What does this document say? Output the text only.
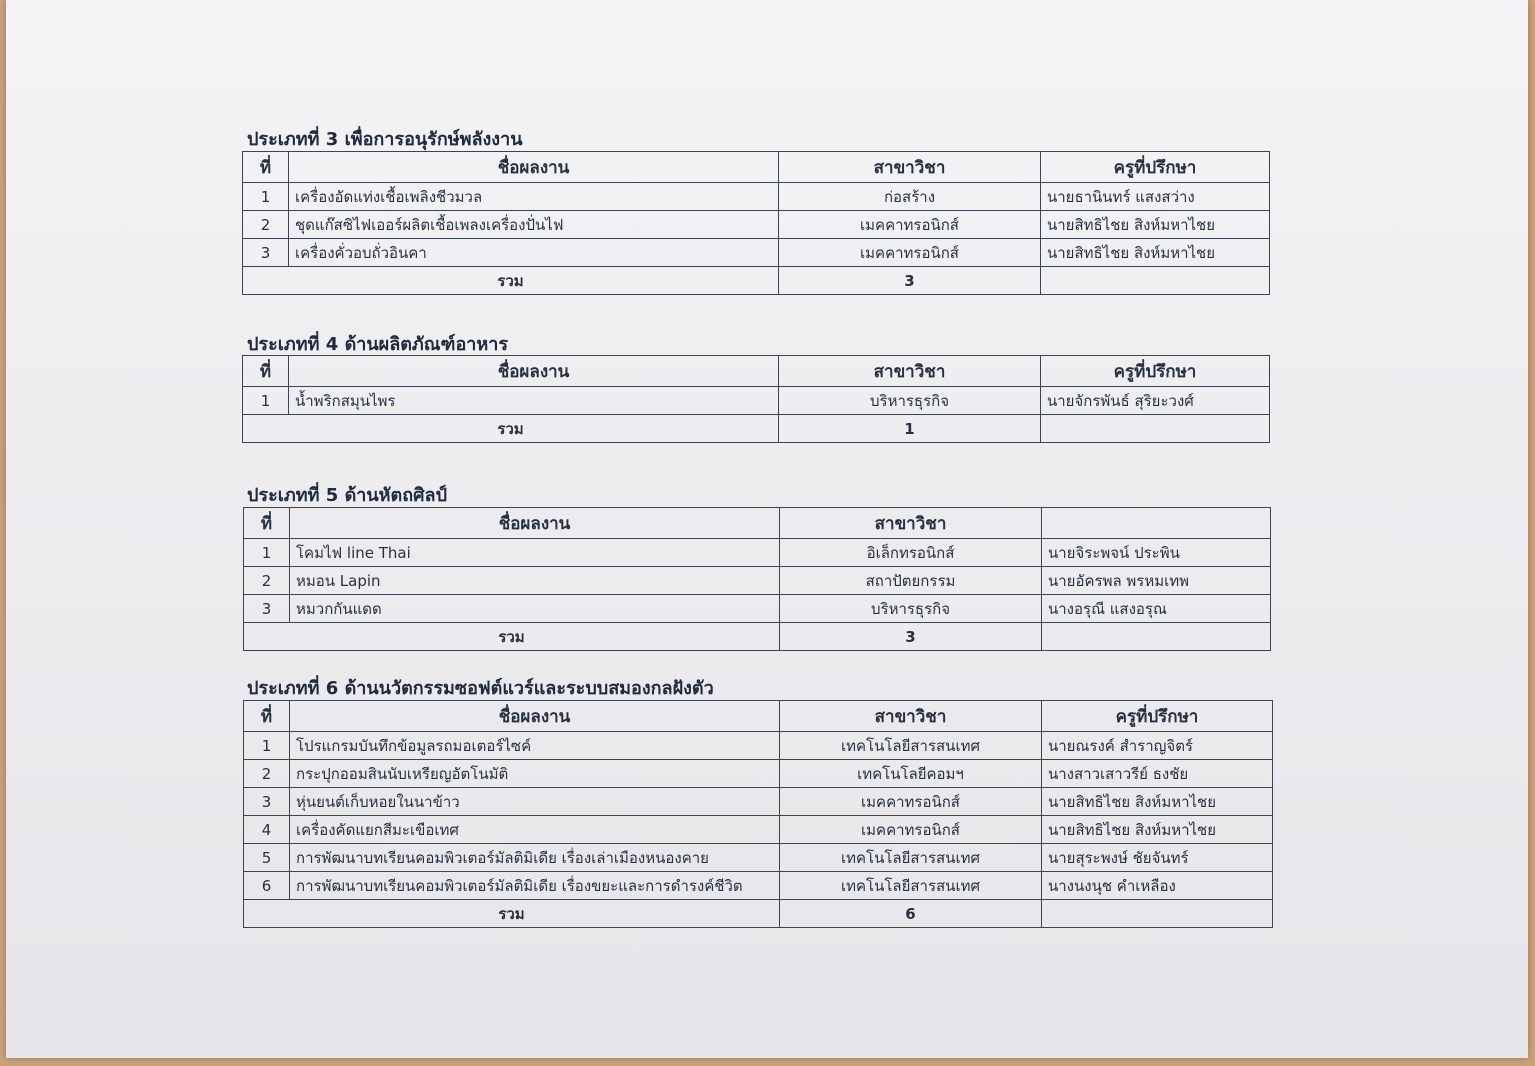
ประเภทที่ 3 เพื่อการอนุรักษ์พลังงาน
ที่	ชื่อผลงาน	สาขาวิชา	ครูที่ปรึกษา
1	เครื่องอัดแท่งเชื้อเพลิงชีวมวล	ก่อสร้าง	นายธานินทร์ แสงสว่าง
2	ชุดแก๊สซิไฟเออร์ผลิตเชื้อเพลงเครื่องปั่นไฟ	เมคคาทรอนิกส์	นายสิทธิไชย สิงห์มหาไชย
3	เครื่องคั่วอบถั่วอินคา	เมคคาทรอนิกส์	นายสิทธิไชย สิงห์มหาไชย
รวม		3	
ประเภทที่ 4 ด้านผลิตภัณฑ์อาหาร
ที่	ชื่อผลงาน	สาขาวิชา	ครูที่ปรึกษา
1	น้ำพริกสมุนไพร	บริหารธุรกิจ	นายจักรพันธ์ สุริยะวงศ์
รวม		1	
ประเภทที่ 5 ด้านหัตถศิลป์
ที่	ชื่อผลงาน	สาขาวิชา	
1	โคมไฟ line Thai	อิเล็กทรอนิกส์	นายจิระพจน์ ประพิน
2	หมอน Lapin	สถาปัตยกรรม	นายอัครพล พรหมเทพ
3	หมวกกันแดด	บริหารธุรกิจ	นางอรุณี แสงอรุณ
รวม		3	
ประเภทที่ 6 ด้านนวัตกรรมซอฟต์แวร์และระบบสมองกลฝังตัว
ที่	ชื่อผลงาน	สาขาวิชา	ครูที่ปรึกษา
1	โปรแกรมบันทึกข้อมูลรถมอเตอร์ไซค์	เทคโนโลยีสารสนเทศ	นายณรงค์ สำราญจิตร์
2	กระปุกออมสินนับเหรียญอัตโนมัติ	เทคโนโลยีคอมฯ	นางสาวเสาวรีย์ ธงชัย
3	หุ่นยนต์เก็บหอยในนาข้าว	เมคคาทรอนิกส์	นายสิทธิไชย สิงห์มหาไชย
4	เครื่องคัดแยกสีมะเขือเทศ	เมคคาทรอนิกส์	นายสิทธิไชย สิงห์มหาไชย
5	การพัฒนาบทเรียนคอมพิวเตอร์มัลติมิเดีย เรื่องเล่าเมืองหนองคาย	เทคโนโลยีสารสนเทศ	นายสุระพงษ์ ชัยจันทร์
6	การพัฒนาบทเรียนคอมพิวเตอร์มัลติมิเดีย เรื่องขยะและการดำรงค์ชีวิต	เทคโนโลยีสารสนเทศ	นางนงนุช คำเหลือง
รวม		6	
